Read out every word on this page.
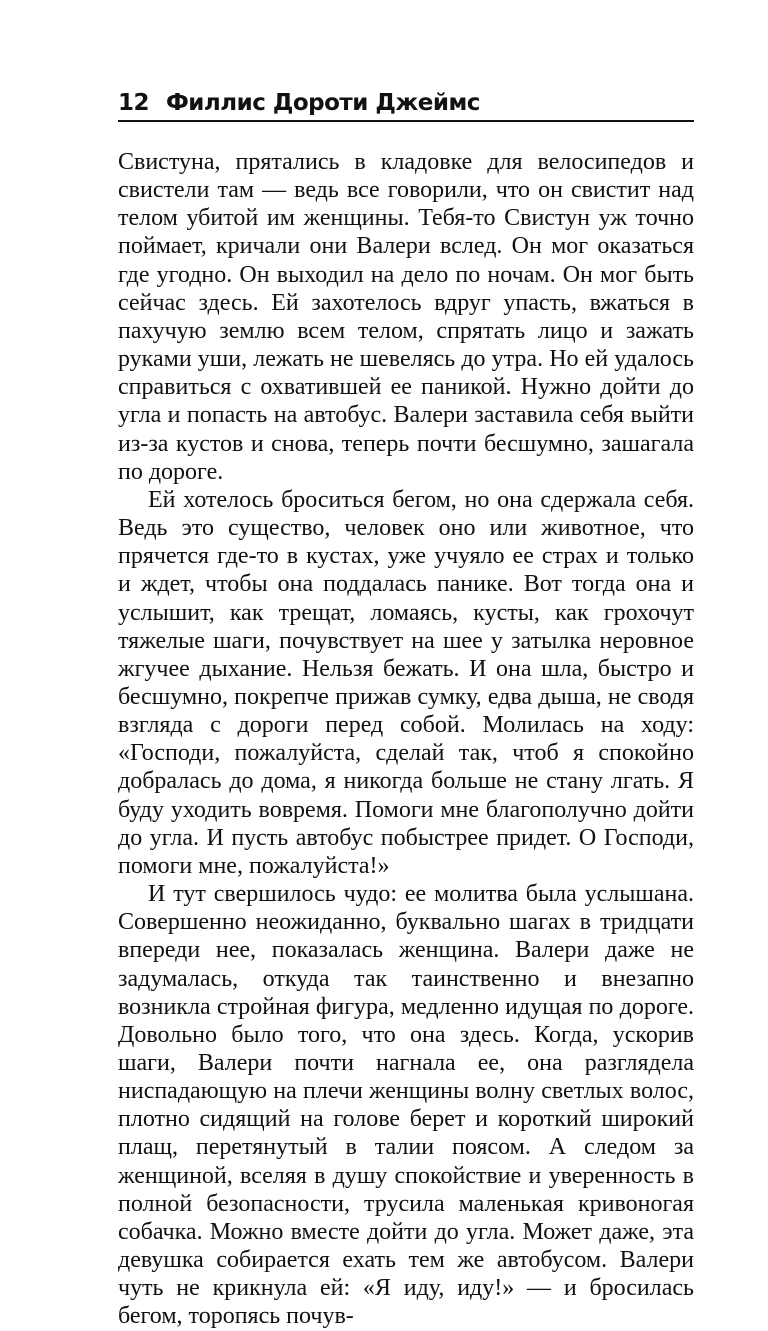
12 Филлис Дороти Джеймс

Свистуна, прятались в кладовке для велосипедов и свистели там — ведь все говорили, что он свистит над телом убитой им женщины. Тебя-то Свистун уж точно поймает, кричали они Валери вслед. Он мог оказаться где угодно. Он выходил на дело по ночам. Он мог быть сейчас здесь. Ей захотелось вдруг упасть, вжаться в пахучую землю всем телом, спрятать лицо и зажать руками уши, лежать не шевелясь до утра. Но ей удалось справиться с охватившей ее паникой. Нужно дойти до угла и попасть на автобус. Валери заставила себя выйти из-за кустов и снова, теперь почти бесшумно, зашагала по дороге.

Ей хотелось броситься бегом, но она сдержала себя. Ведь это существо, человек оно или животное, что прячется где-то в кустах, уже учуяло ее страх и только и ждет, чтобы она поддалась панике. Вот тогда она и услышит, как трещат, ломаясь, кусты, как грохочут тяжелые шаги, почувствует на шее у затылка неровное жгучее дыхание. Нельзя бежать. И она шла, быстро и бесшумно, покрепче прижав сумку, едва дыша, не сводя взгляда с дороги перед собой. Молилась на ходу: «Господи, пожалуйста, сделай так, чтоб я спокойно добралась до дома, я никогда больше не стану лгать. Я буду уходить вовремя. Помоги мне благополучно дойти до угла. И пусть автобус побыстрее придет. О Господи, помоги мне, пожалуйста!»

И тут свершилось чудо: ее молитва была услышана. Совершенно неожиданно, буквально шагах в тридцати впереди нее, показалась женщина. Валери даже не задумалась, откуда так таинственно и внезапно возникла стройная фигура, медленно идущая по дороге. Довольно было того, что она здесь. Когда, ускорив шаги, Валери почти нагнала ее, она разглядела ниспадающую на плечи женщины волну светлых волос, плотно сидящий на голове берет и короткий широкий плащ, перетянутый в талии поясом. А следом за женщиной, вселяя в душу спокойствие и уверенность в полной безопасности, трусила маленькая кривоногая собачка. Можно вместе дойти до угла. Может даже, эта девушка собирается ехать тем же автобусом. Валери чуть не крикнула ей: «Я иду, иду!» — и бросилась бегом, торопясь почув-
